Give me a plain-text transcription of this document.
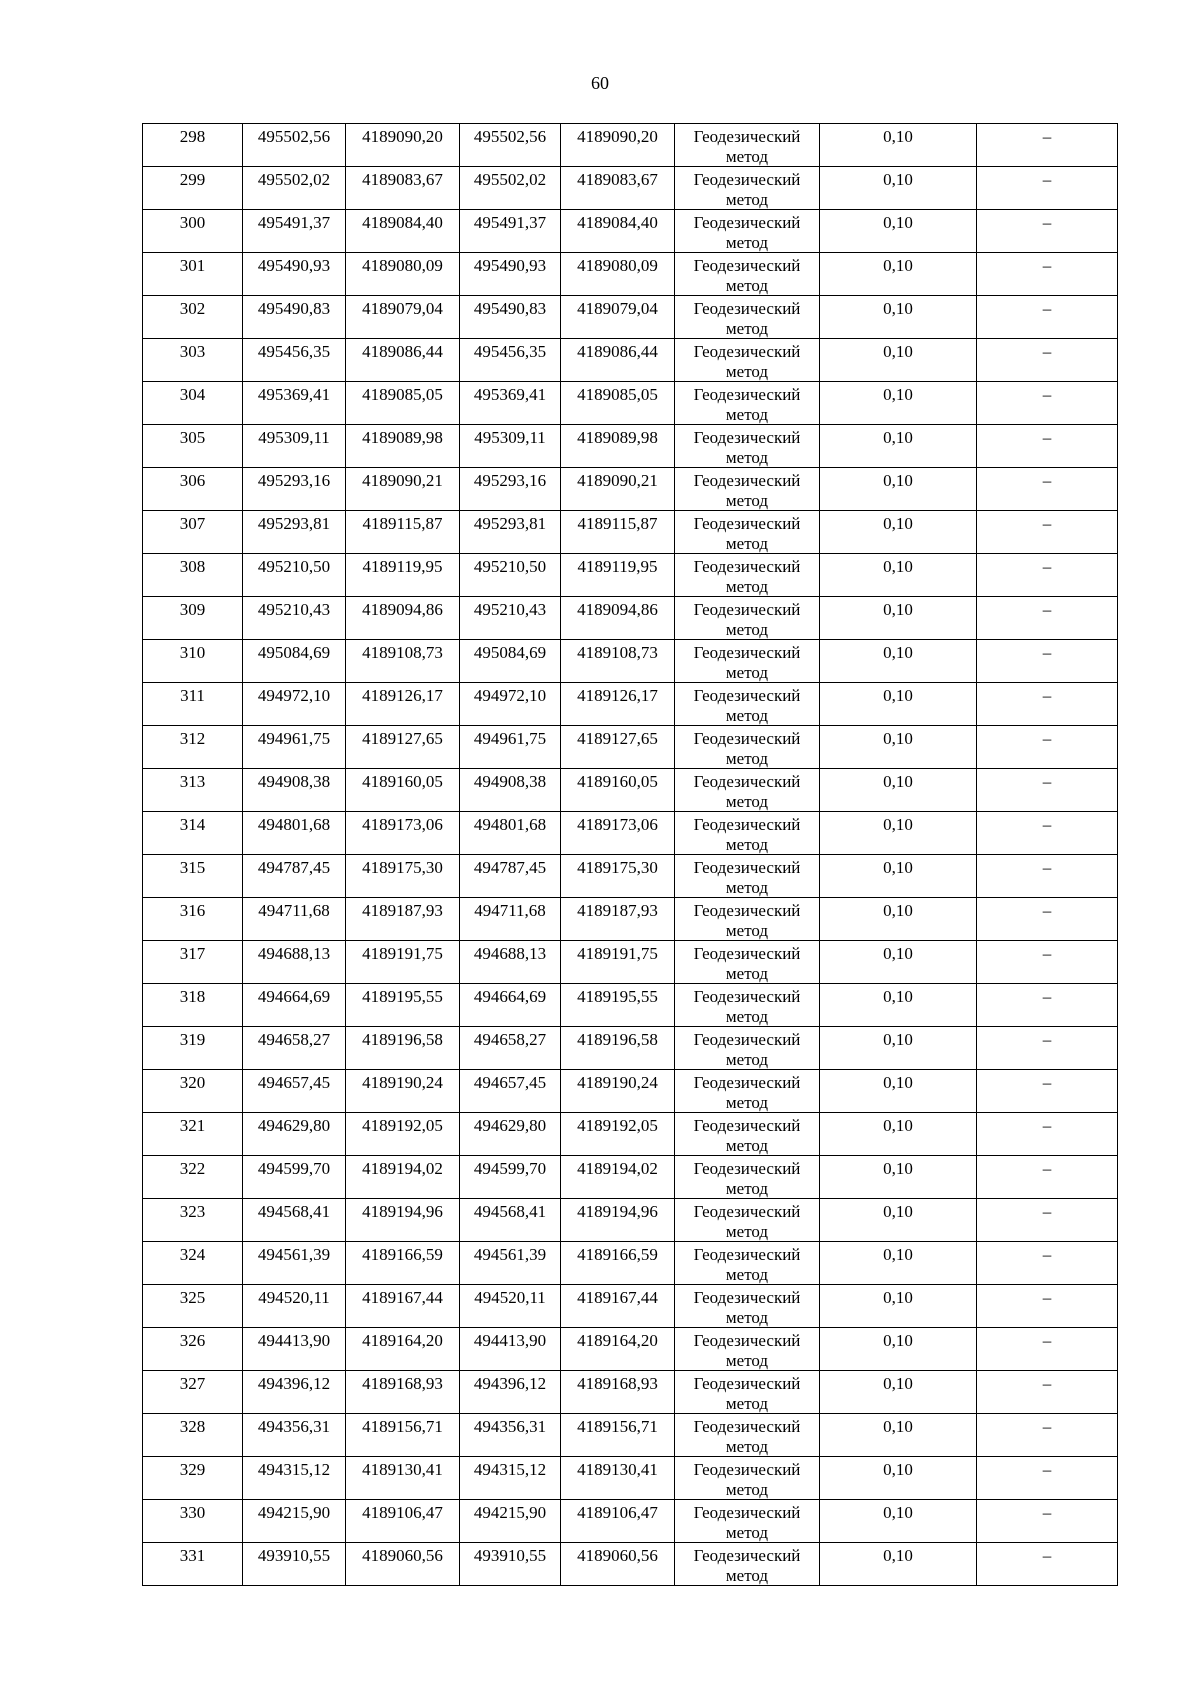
60
298	495502,56	4189090,20	495502,56	4189090,20	Геодезический
метод	0,10	–

299	495502,02	4189083,67	495502,02	4189083,67	Геодезический
метод	0,10	–

300	495491,37	4189084,40	495491,37	4189084,40	Геодезический
метод	0,10	–

301	495490,93	4189080,09	495490,93	4189080,09	Геодезический
метод	0,10	–

302	495490,83	4189079,04	495490,83	4189079,04	Геодезический
метод	0,10	–

303	495456,35	4189086,44	495456,35	4189086,44	Геодезический
метод	0,10	–

304	495369,41	4189085,05	495369,41	4189085,05	Геодезический
метод	0,10	–

305	495309,11	4189089,98	495309,11	4189089,98	Геодезический
метод	0,10	–

306	495293,16	4189090,21	495293,16	4189090,21	Геодезический
метод	0,10	–

307	495293,81	4189115,87	495293,81	4189115,87	Геодезический
метод	0,10	–

308	495210,50	4189119,95	495210,50	4189119,95	Геодезический
метод	0,10	–

309	495210,43	4189094,86	495210,43	4189094,86	Геодезический
метод	0,10	–

310	495084,69	4189108,73	495084,69	4189108,73	Геодезический
метод	0,10	–

311	494972,10	4189126,17	494972,10	4189126,17	Геодезический
метод	0,10	–

312	494961,75	4189127,65	494961,75	4189127,65	Геодезический
метод	0,10	–

313	494908,38	4189160,05	494908,38	4189160,05	Геодезический
метод	0,10	–

314	494801,68	4189173,06	494801,68	4189173,06	Геодезический
метод	0,10	–

315	494787,45	4189175,30	494787,45	4189175,30	Геодезический
метод	0,10	–

316	494711,68	4189187,93	494711,68	4189187,93	Геодезический
метод	0,10	–

317	494688,13	4189191,75	494688,13	4189191,75	Геодезический
метод	0,10	–

318	494664,69	4189195,55	494664,69	4189195,55	Геодезический
метод	0,10	–

319	494658,27	4189196,58	494658,27	4189196,58	Геодезический
метод	0,10	–

320	494657,45	4189190,24	494657,45	4189190,24	Геодезический
метод	0,10	–

321	494629,80	4189192,05	494629,80	4189192,05	Геодезический
метод	0,10	–

322	494599,70	4189194,02	494599,70	4189194,02	Геодезический
метод	0,10	–

323	494568,41	4189194,96	494568,41	4189194,96	Геодезический
метод	0,10	–

324	494561,39	4189166,59	494561,39	4189166,59	Геодезический
метод	0,10	–

325	494520,11	4189167,44	494520,11	4189167,44	Геодезический
метод	0,10	–

326	494413,90	4189164,20	494413,90	4189164,20	Геодезический
метод	0,10	–

327	494396,12	4189168,93	494396,12	4189168,93	Геодезический
метод	0,10	–

328	494356,31	4189156,71	494356,31	4189156,71	Геодезический
метод	0,10	–

329	494315,12	4189130,41	494315,12	4189130,41	Геодезический
метод	0,10	–

330	494215,90	4189106,47	494215,90	4189106,47	Геодезический
метод	0,10	–

331	493910,55	4189060,56	493910,55	4189060,56	Геодезический
метод	0,10	–
